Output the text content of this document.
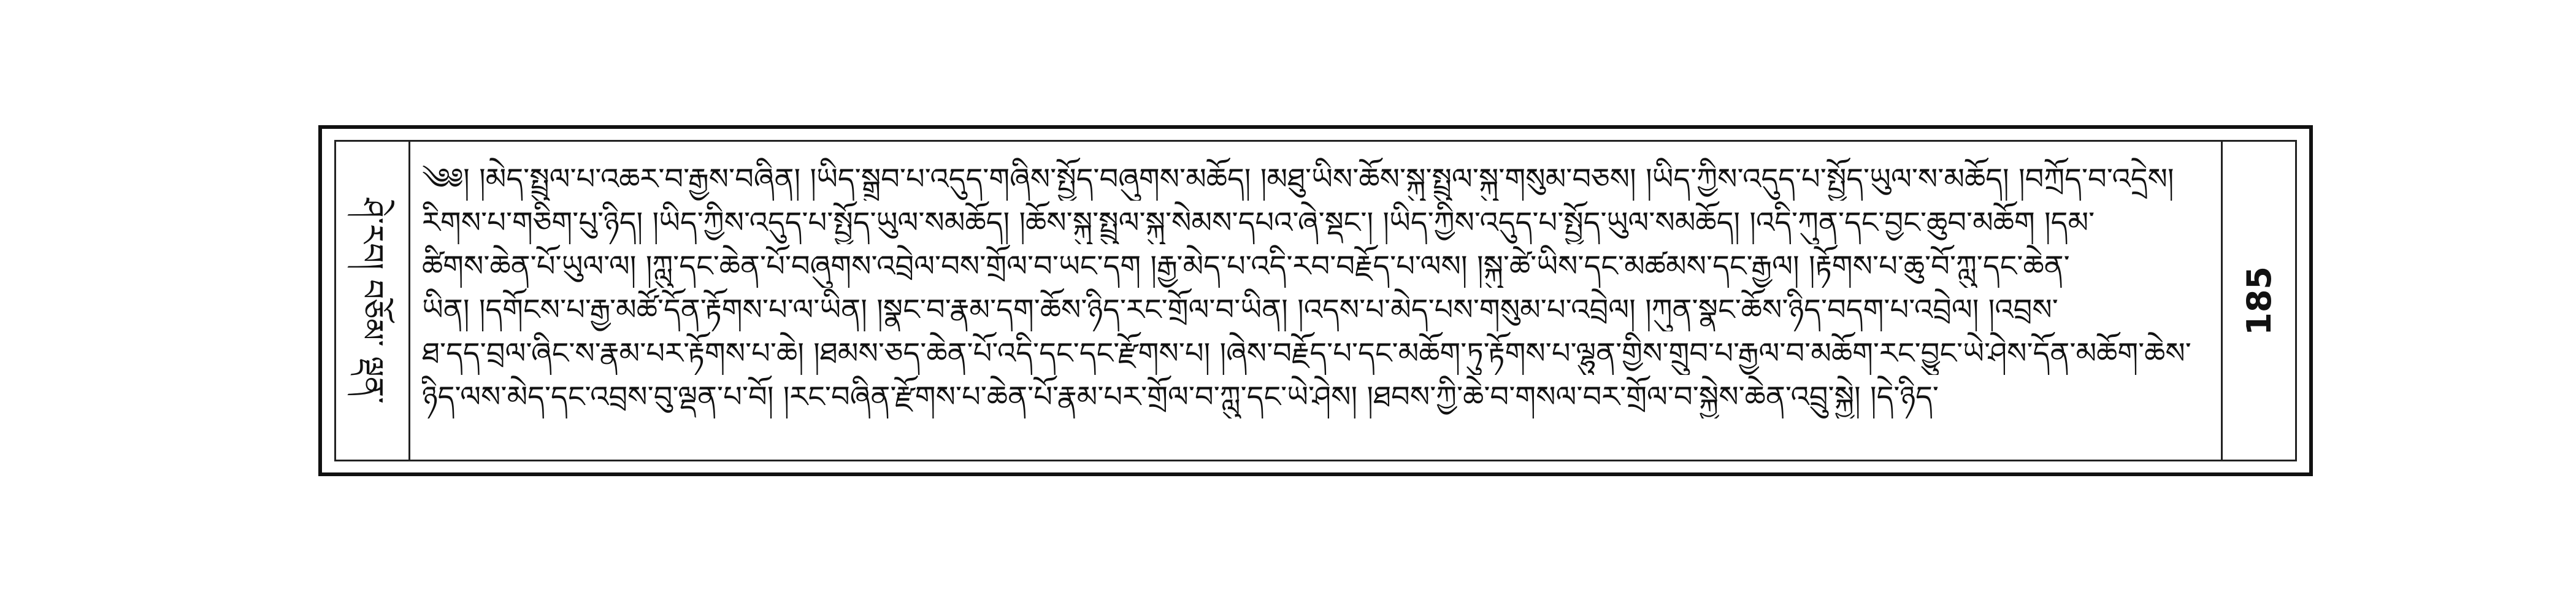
ཤེ་རབ། བཅོམ་ ལྡན་
༄༅། །མེད་སྤྲུལ་པ་འཆར་བ་རྒྱས་བཞིན། །ཡིད་སྒྲུབ་པ་འདུད་གཞིས་སྤྱོད་བཞུགས་མཆོད། །མཐུ་ཡིས་ཆོས་སྐུ་སྤྲུལ་སྐུ་གསུམ་བཅས། །ཡིད་ཀྱིས་འདུད་པ་སྤྱོད་ཡུལ་ས་མཆོད། །བཀྲོད་བ་འདྲེས།
རིགས་པ་གཅིག་པུ་ཉིད། །ཡིད་ཀྱིས་འདུད་པ་སྤྱོད་ཡུལ་སམཆོད། །ཆོས་སྐུ་སྤྲུལ་སྐུ་སེམས་དཔའ་ཞེ་སྡང་། །ཡིད་ཀྱིས་འདུད་པ་སྤྱོད་ཡུལ་སམཆོད། །འདི་ཀུན་དང་བྱང་ཆུབ་མཆོག །དམ་
ཚིགས་ཆེན་པོ་ཡུལ་ལ། །ཀླུ་དང་ཆེན་པོ་བཞུགས་འབྲེལ་བས་གྲོལ་བ་ཡང་དག །རྒྱ་མེད་པ་འདི་རབ་བརྗོད་པ་ལས། །སྐུ་ཚེ་ཡིས་དང་མཚམས་དང་རྒྱལ། །རྟོགས་པ་ཆུ་བོ་ཀླུ་དང་ཆེན་
ཡིན། །དགོངས་པ་རྒྱ་མཚོ་དོན་རྟོགས་པ་ལ་ཡིན། །སྣང་བ་རྣམ་དག་ཆོས་ཉིད་རང་གྲོལ་བ་ཡིན། །འདས་པ་མེད་པས་གསུམ་པ་འབྲེལ། །ཀུན་སྣང་ཆོས་ཉིད་བདག་པ་འབྲེལ། །འབྲས་
ཐ་དད་བྲལ་ཞིང་ས་རྣམ་པར་རྟོགས་པ་ཆེ། །ཐམས་ཅད་ཆེན་པོ་འདི་དང་དང་རྫོགས་པ། །ཞེས་བརྗོད་པ་དང་མཆོག་ཏུ་རྟོགས་པ་ལྷུན་གྱིས་གྲུབ་པ་རྒྱལ་བ་མཆོག་རང་བྱུང་ཡེ་ཤེས་དོན་མཆོག་ཆེས་
ཉིད་ལས་མེད་དང་འབྲས་བུ་ལྡན་པ་བོ། །རང་བཞིན་རྫོགས་པ་ཆེན་པོ་རྣམ་པར་གྲོལ་བ་ཀླུ་དང་ཡེ་ཤེས། །ཐབས་ཀྱི་ཆེ་བ་གསལ་བར་གྲོལ་བ་སྐྱེས་ཆེན་འབྲུ་སྐྱེ། །དེ་ཉིད་
185
